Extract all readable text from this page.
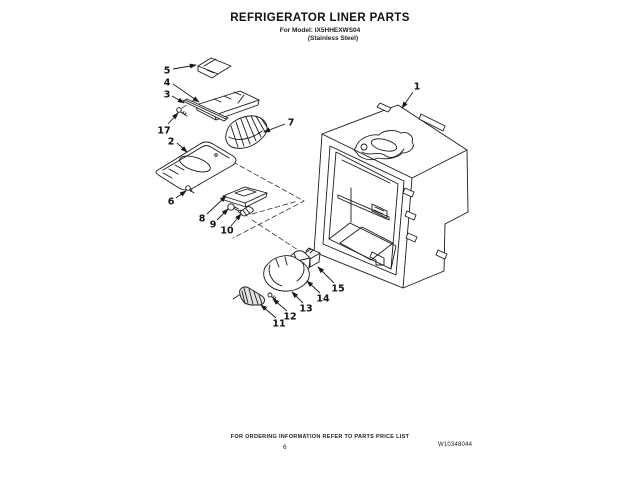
REFRIGERATOR LINER PARTS
For Model: IX5HHEXWS04
(Stainless Steel)
1
5
4
3
17
2
6
7
8
9
10
11
12
13
14
15
FOR ORDERING INFORMATION REFER TO PARTS PRICE LIST
6	W10348044
